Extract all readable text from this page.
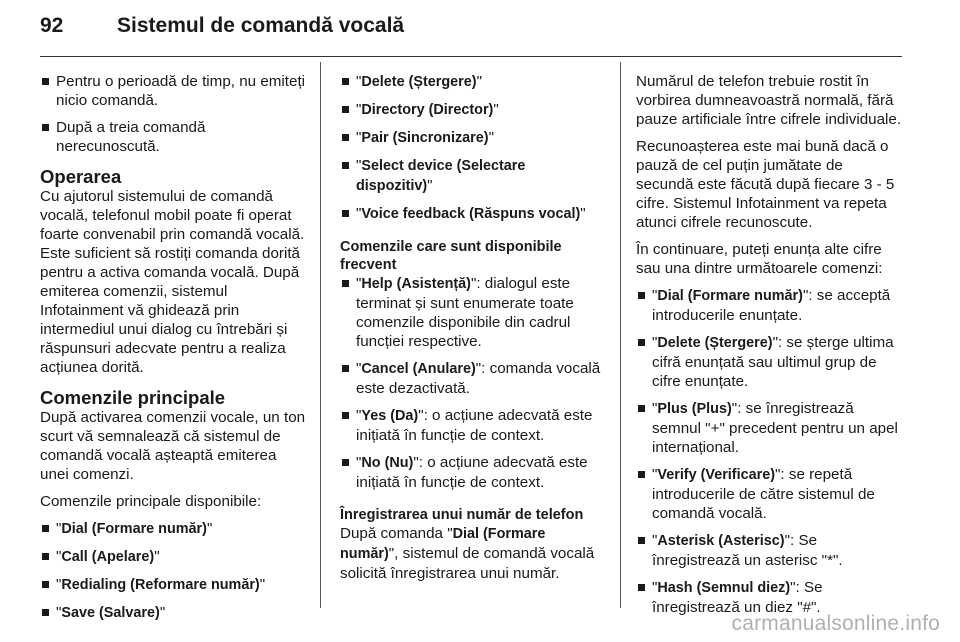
92	Sistemul de comandă vocală
Pentru o perioadă de timp, nu emiteți nicio comandă.
După a treia comandă nerecunoscută.
Operarea

Cu ajutorul sistemului de comandă vocală, telefonul mobil poate fi operat foarte convenabil prin comandă vocală. Este suficient să rostiți comanda dorită pentru a activa comanda vocală. După emiterea comenzii, sistemul Infotainment vă ghidează prin intermediul unui dialog cu întrebări și răspunsuri adecvate pentru a realiza acțiunea dorită.

Comenzile principale

După activarea comenzii vocale, un ton scurt vă semnalează că sistemul de comandă vocală așteaptă emiterea unei comenzi.

Comenzile principale disponibile:

"Dial (Formare număr)"
"Call (Apelare)"
"Redialing (Reformare număr)"
"Save (Salvare)"
"Delete (Ștergere)"
"Directory (Director)"
"Pair (Sincronizare)"
"Select device (Selectare dispozitiv)"
"Voice feedback (Răspuns vocal)"
Comenzile care sunt disponibile frecvent
"Help (Asistență)": dialogul este terminat și sunt enumerate toate comenzile disponibile din cadrul funcției respective.
"Cancel (Anulare)": comanda vocală este dezactivată.
"Yes (Da)": o acțiune adecvată este inițiată în funcție de context.
"No (Nu)": o acțiune adecvată este inițiată în funcție de context.
Înregistrarea unui număr de telefon

După comanda "Dial (Formare număr)", sistemul de comandă vocală solicită înregistrarea unui număr.

Numărul de telefon trebuie rostit în vorbirea dumneavoastră normală, fără pauze artificiale între cifrele individuale.

Recunoașterea este mai bună dacă o pauză de cel puțin jumătate de secundă este făcută după fiecare 3 - 5 cifre. Sistemul Infotainment va repeta atunci cifrele recunoscute.

În continuare, puteți enunța alte cifre sau una dintre următoarele comenzi:

"Dial (Formare număr)": se acceptă introducerile enunțate.
"Delete (Ștergere)": se șterge ultima cifră enunțată sau ultimul grup de cifre enunțate.
"Plus (Plus)": se înregistrează semnul "+" precedent pentru un apel internațional.
"Verify (Verificare)": se repetă introducerile de către sistemul de comandă vocală.
"Asterisk (Asterisc)": Se înregistrează un asterisc "*".
"Hash (Semnul diez)": Se înregistrează un diez "#".
carmanualsonline.info
